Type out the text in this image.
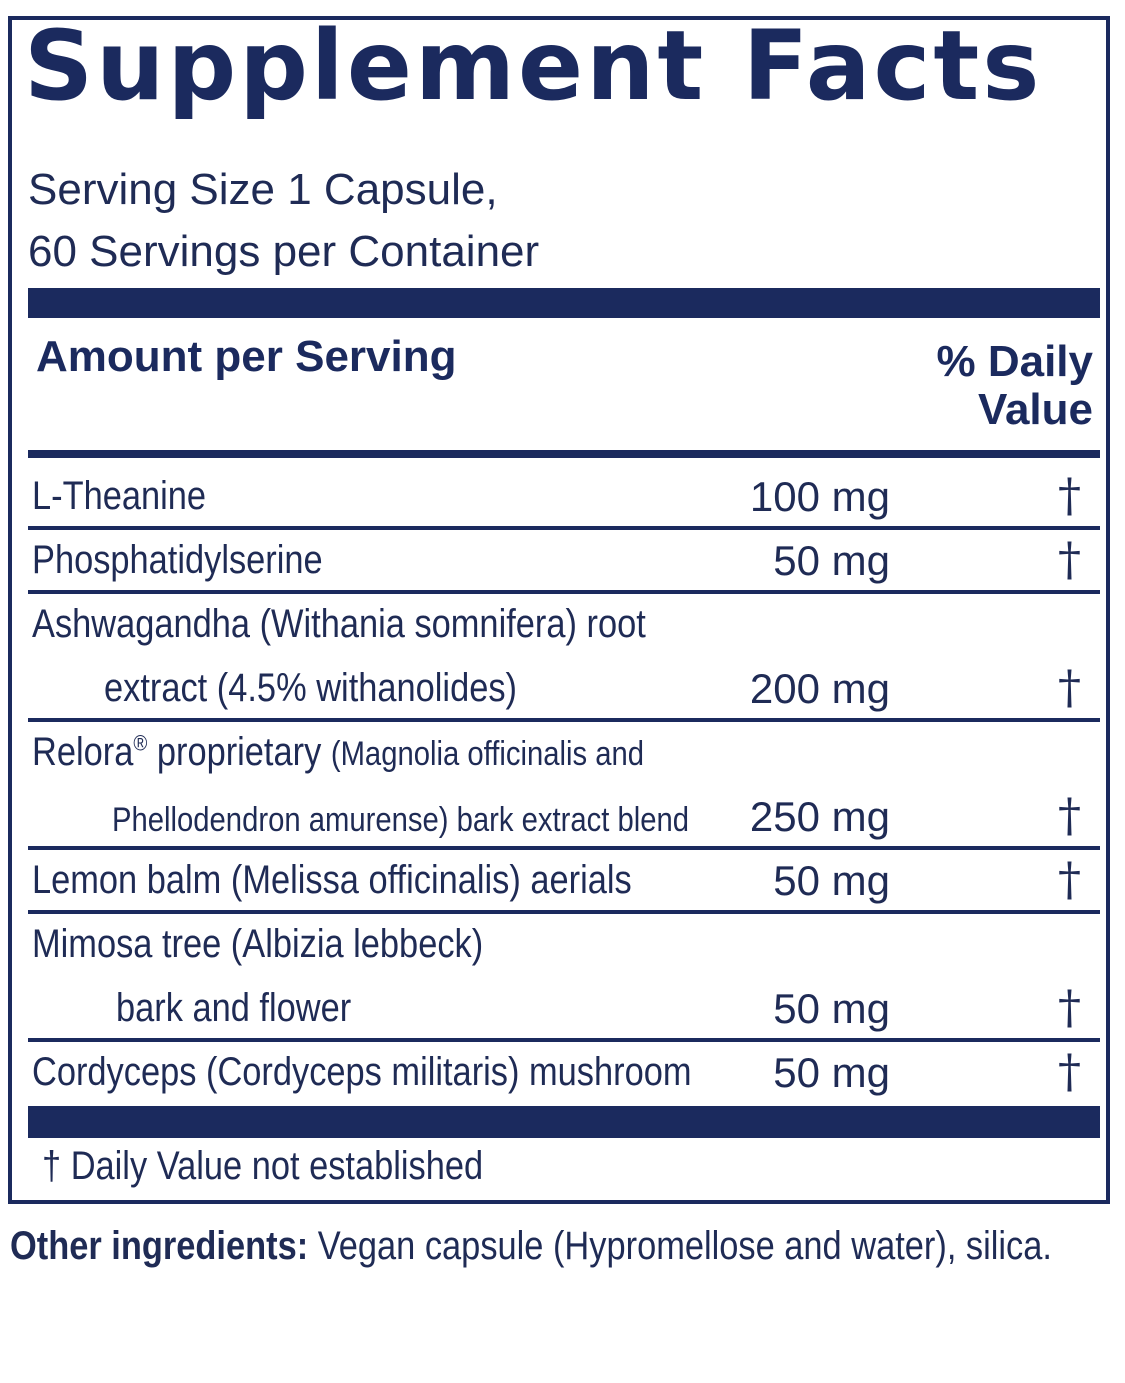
Supplement Facts
Serving Size 1 Capsule,
60 Servings per Container
Amount per Serving	% Daily
Value
L-Theanine	100 mg	†
Phosphatidylserine	50 mg	†
Ashwagandha (Withania somnifera) root
extract (4.5% withanolides)	200 mg	†
Relora® proprietary (Magnolia officinalis and
Phellodendron amurense) bark extract blend 250 mg	†
Lemon balm (Melissa officinalis) aerials	50 mg	†
Mimosa tree (Albizia lebbeck)
bark and flower	50 mg	†
Cordyceps (Cordyceps militaris) mushroom	50 mg	†
† Daily Value not established
Other ingredients: Vegan capsule (Hypromellose and water), silica.
